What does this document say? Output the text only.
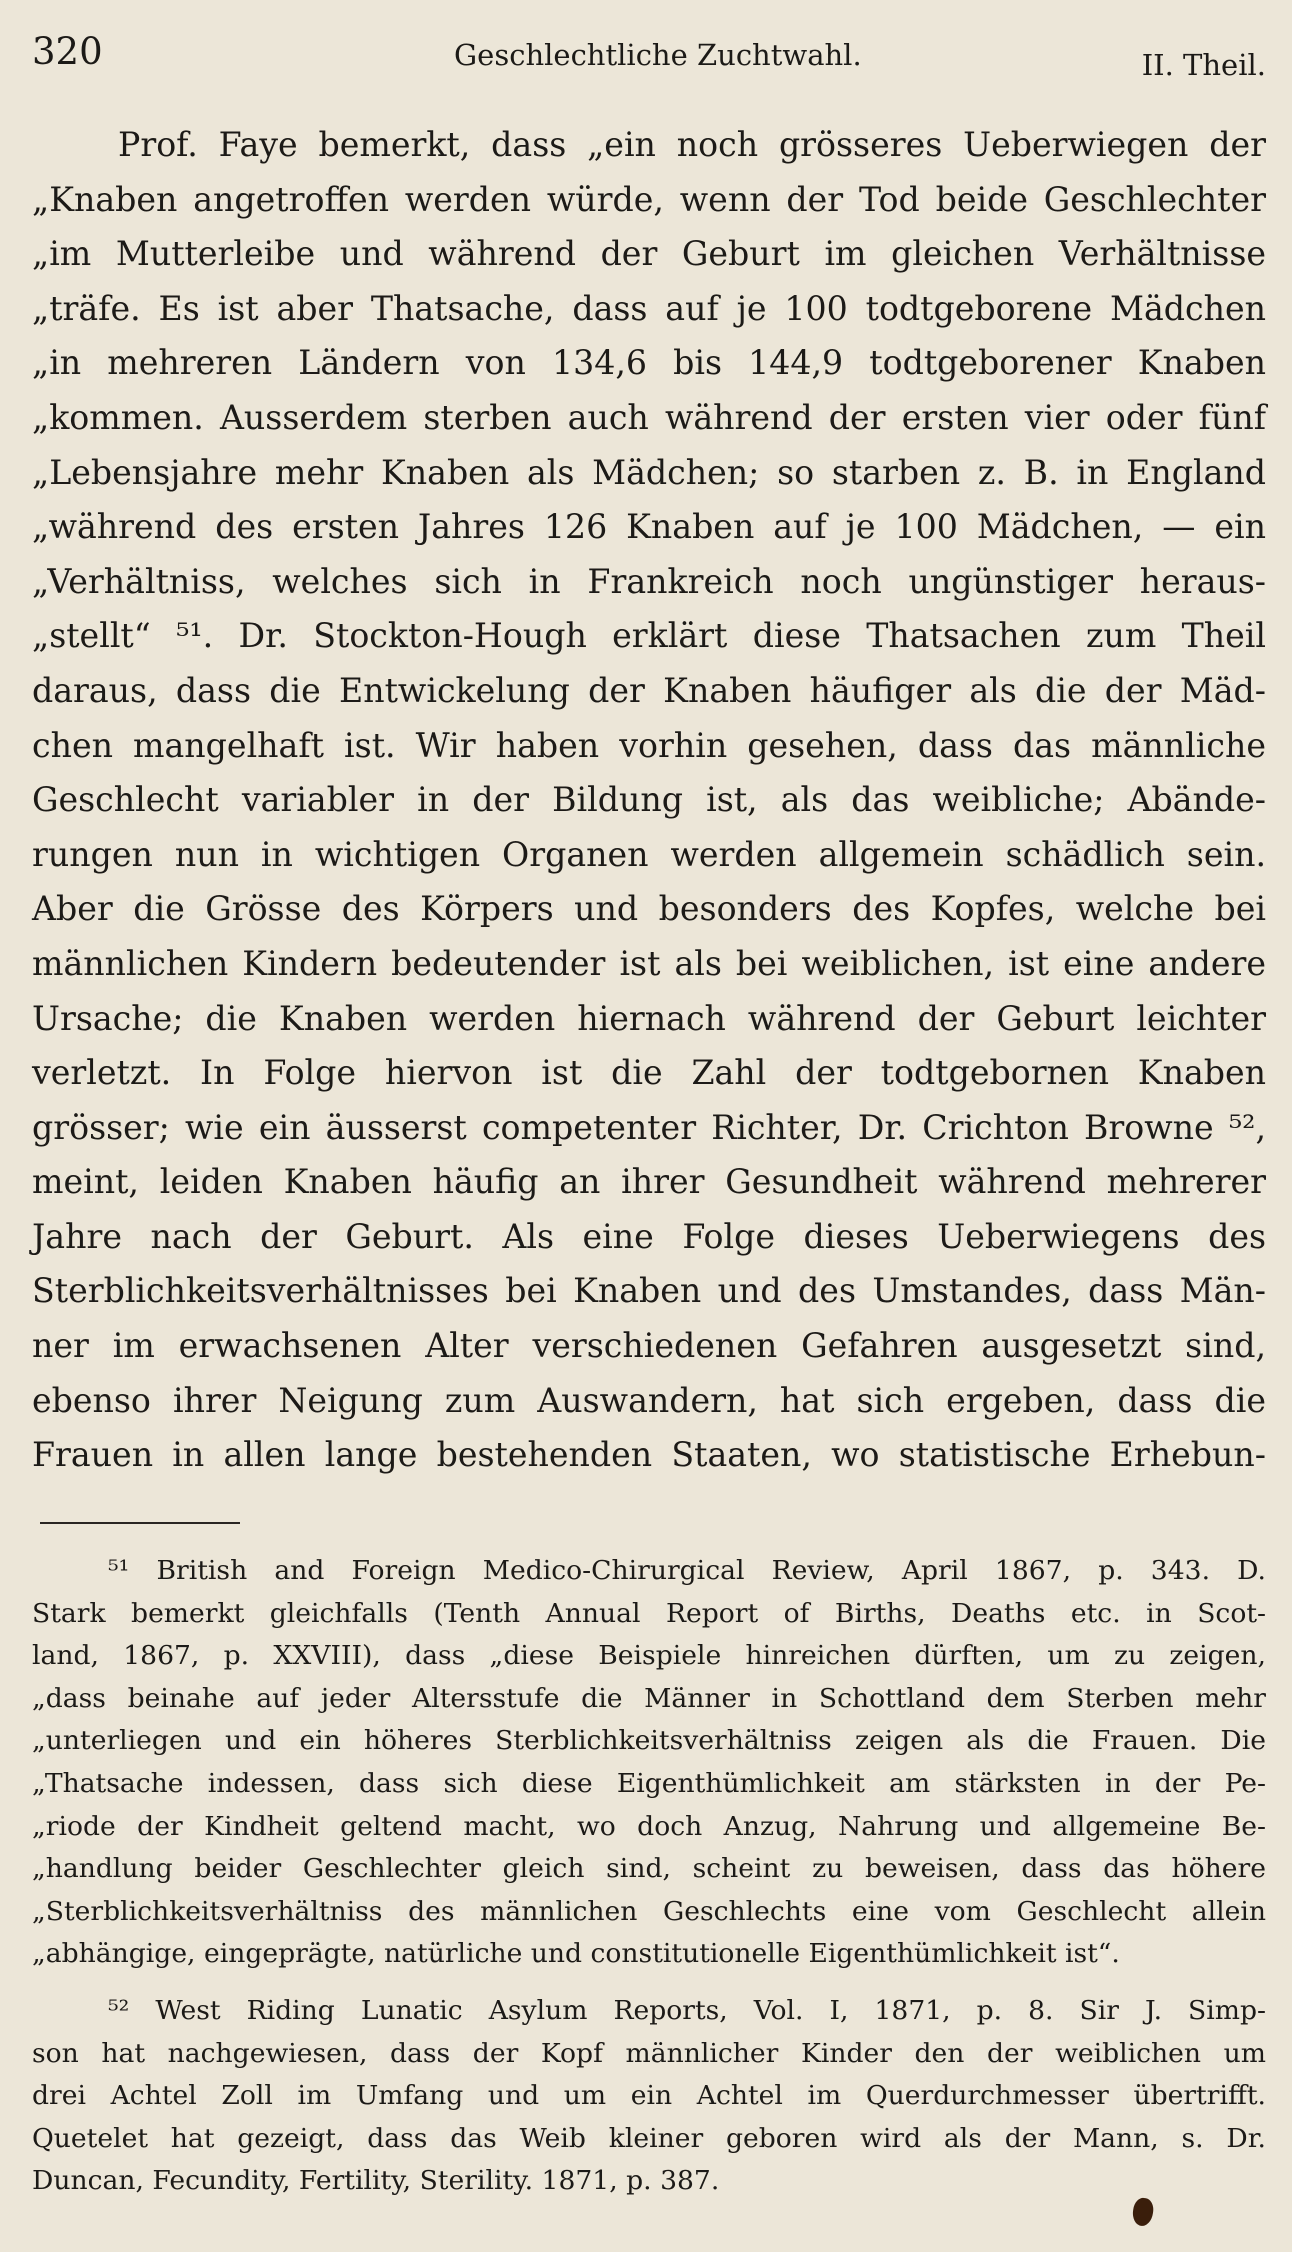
320	Geschlechtliche Zuchtwahl.	II. Theil.
Prof. Faye bemerkt, dass „ein noch grösseres Ueberwiegen der
„Knaben angetroffen werden würde, wenn der Tod beide Geschlechter
„im Mutterleibe und während der Geburt im gleichen Verhältnisse
„träfe. Es ist aber Thatsache, dass auf je 100 todtgeborene Mädchen
„in mehreren Ländern von 134,6 bis 144,9 todtgeborener Knaben
„kommen. Ausserdem sterben auch während der ersten vier oder fünf
„Lebensjahre mehr Knaben als Mädchen; so starben z. B. in England
„während des ersten Jahres 126 Knaben auf je 100 Mädchen, — ein
„Verhältniss, welches sich in Frankreich noch ungünstiger heraus-
„stellt“ ⁵¹. Dr. Stockton-Hough erklärt diese Thatsachen zum Theil
daraus, dass die Entwickelung der Knaben häufiger als die der Mäd-
chen mangelhaft ist. Wir haben vorhin gesehen, dass das männliche
Geschlecht variabler in der Bildung ist, als das weibliche; Abände-
rungen nun in wichtigen Organen werden allgemein schädlich sein.
Aber die Grösse des Körpers und besonders des Kopfes, welche bei
männlichen Kindern bedeutender ist als bei weiblichen, ist eine andere
Ursache; die Knaben werden hiernach während der Geburt leichter
verletzt. In Folge hiervon ist die Zahl der todtgebornen Knaben
grösser; wie ein äusserst competenter Richter, Dr. Crichton Browne ⁵²,
meint, leiden Knaben häufig an ihrer Gesundheit während mehrerer
Jahre nach der Geburt. Als eine Folge dieses Ueberwiegens des
Sterblichkeitsverhältnisses bei Knaben und des Umstandes, dass Män-
ner im erwachsenen Alter verschiedenen Gefahren ausgesetzt sind,
ebenso ihrer Neigung zum Auswandern, hat sich ergeben, dass die
Frauen in allen lange bestehenden Staaten, wo statistische Erhebun-
⁵¹ British and Foreign Medico-Chirurgical Review, April 1867, p. 343. D.
Stark bemerkt gleichfalls (Tenth Annual Report of Births, Deaths etc. in Scot-
land, 1867, p. XXVIII), dass „diese Beispiele hinreichen dürften, um zu zeigen,
„dass beinahe auf jeder Altersstufe die Männer in Schottland dem Sterben mehr
„unterliegen und ein höheres Sterblichkeitsverhältniss zeigen als die Frauen. Die
„Thatsache indessen, dass sich diese Eigenthümlichkeit am stärksten in der Pe-
„riode der Kindheit geltend macht, wo doch Anzug, Nahrung und allgemeine Be-
„handlung beider Geschlechter gleich sind, scheint zu beweisen, dass das höhere
„Sterblichkeitsverhältniss des männlichen Geschlechts eine vom Geschlecht allein
„abhängige, eingeprägte, natürliche und constitutionelle Eigenthümlichkeit ist“.
⁵² West Riding Lunatic Asylum Reports, Vol. I, 1871, p. 8. Sir J. Simp-
son hat nachgewiesen, dass der Kopf männlicher Kinder den der weiblichen um
drei Achtel Zoll im Umfang und um ein Achtel im Querdurchmesser übertrifft.
Quetelet hat gezeigt, dass das Weib kleiner geboren wird als der Mann, s. Dr.
Duncan, Fecundity, Fertility, Sterility. 1871, p. 387.
